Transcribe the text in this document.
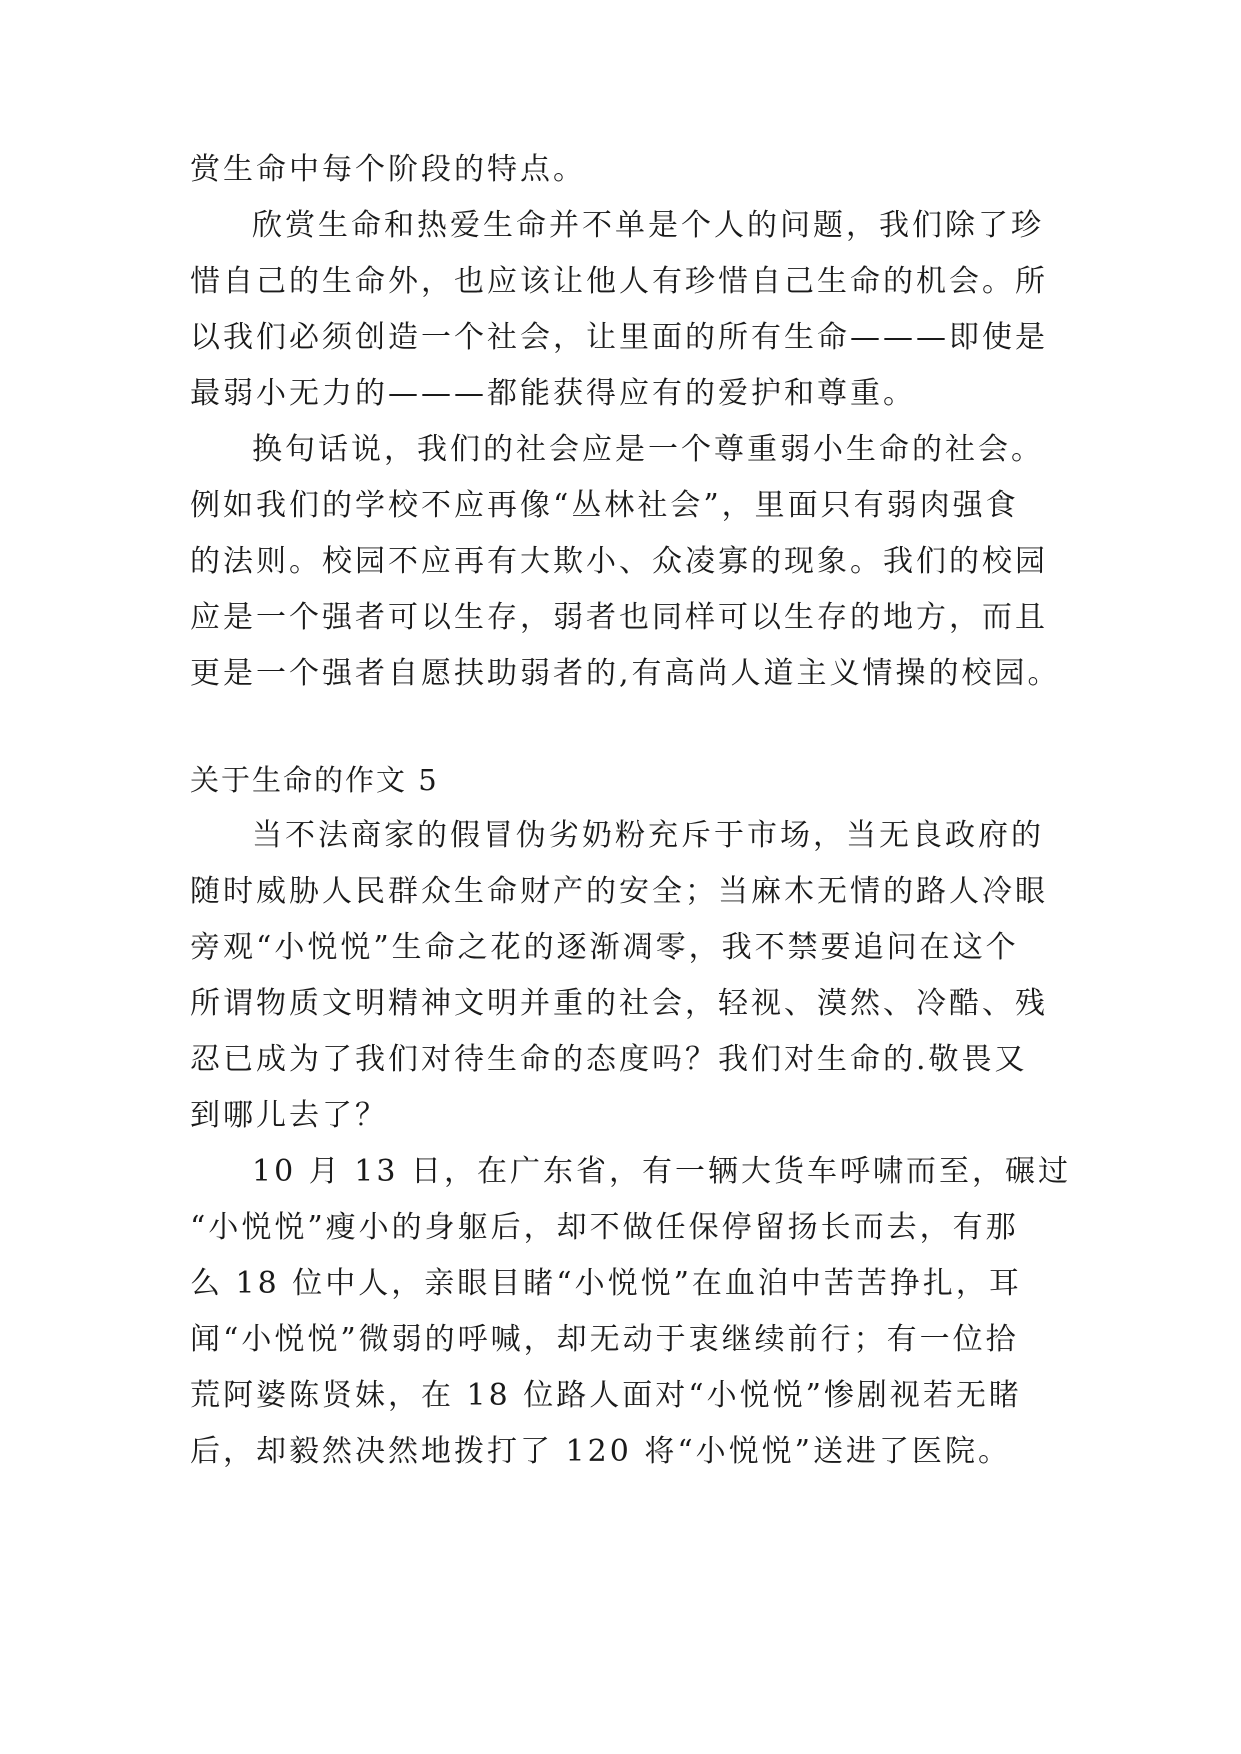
赏生命中每个阶段的特点。
欣赏生命和热爱生命并不单是个人的问题，我们除了珍
惜自己的生命外，也应该让他人有珍惜自己生命的机会。所
以我们必须创造一个社会，让里面的所有生命———即使是
最弱小无力的———都能获得应有的爱护和尊重。
换句话说，我们的社会应是一个尊重弱小生命的社会。
例如我们的学校不应再像“丛林社会”，里面只有弱肉强食
的法则。校园不应再有大欺小、众凌寡的现象。我们的校园
应是一个强者可以生存，弱者也同样可以生存的地方，而且
更是一个强者自愿扶助弱者的,有高尚人道主义情操的校园。
关于生命的作文 5
当不法商家的假冒伪劣奶粉充斥于市场，当无良政府的
随时威胁人民群众生命财产的安全；当麻木无情的路人冷眼
旁观“小悦悦”生命之花的逐渐凋零，我不禁要追问在这个
所谓物质文明精神文明并重的社会，轻视、漠然、冷酷、残
忍已成为了我们对待生命的态度吗？我们对生命的.敬畏又
到哪儿去了？
10 月 13 日，在广东省，有一辆大货车呼啸而至，碾过
“小悦悦”瘦小的身躯后，却不做任保停留扬长而去，有那
么 18 位中人，亲眼目睹“小悦悦”在血泊中苦苦挣扎，耳
闻“小悦悦”微弱的呼喊，却无动于衷继续前行；有一位拾
荒阿婆陈贤妹，在 18 位路人面对“小悦悦”惨剧视若无睹
后，却毅然决然地拨打了 120 将“小悦悦”送进了医院。
